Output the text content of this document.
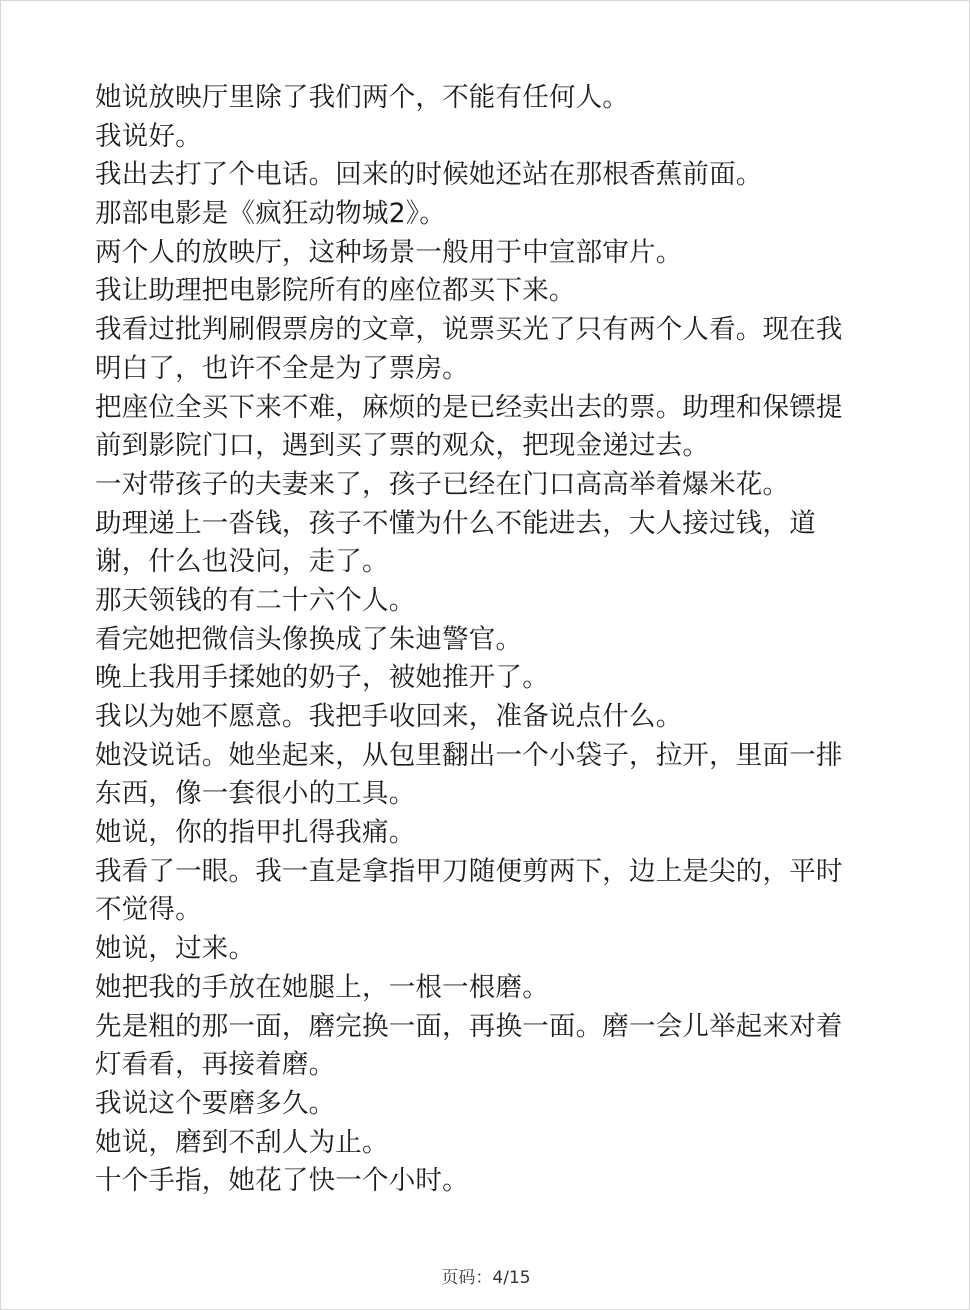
她说放映厅里除了我们两个，不能有任何人。
我说好。
我出去打了个电话。回来的时候她还站在那根香蕉前面。
那部电影是《疯狂动物城2》。
两个人的放映厅，这种场景一般用于中宣部审片。
我让助理把电影院所有的座位都买下来。
我看过批判刷假票房的文章，说票买光了只有两个人看。现在我
明白了，也许不全是为了票房。
把座位全买下来不难，麻烦的是已经卖出去的票。助理和保镖提
前到影院门口，遇到买了票的观众，把现金递过去。
一对带孩子的夫妻来了，孩子已经在门口高高举着爆米花。
助理递上一沓钱，孩子不懂为什么不能进去，大人接过钱，道
谢，什么也没问，走了。
那天领钱的有二十六个人。
看完她把微信头像换成了朱迪警官。
晚上我用手揉她的奶子，被她推开了。
我以为她不愿意。我把手收回来，准备说点什么。
她没说话。她坐起来，从包里翻出一个小袋子，拉开，里面一排
东西，像一套很小的工具。
她说，你的指甲扎得我痛。
我看了一眼。我一直是拿指甲刀随便剪两下，边上是尖的，平时
不觉得。
她说，过来。
她把我的手放在她腿上，一根一根磨。
先是粗的那一面，磨完换一面，再换一面。磨一会儿举起来对着
灯看看，再接着磨。
我说这个要磨多久。
她说，磨到不刮人为止。
十个手指，她花了快一个小时。
页码：4/15
